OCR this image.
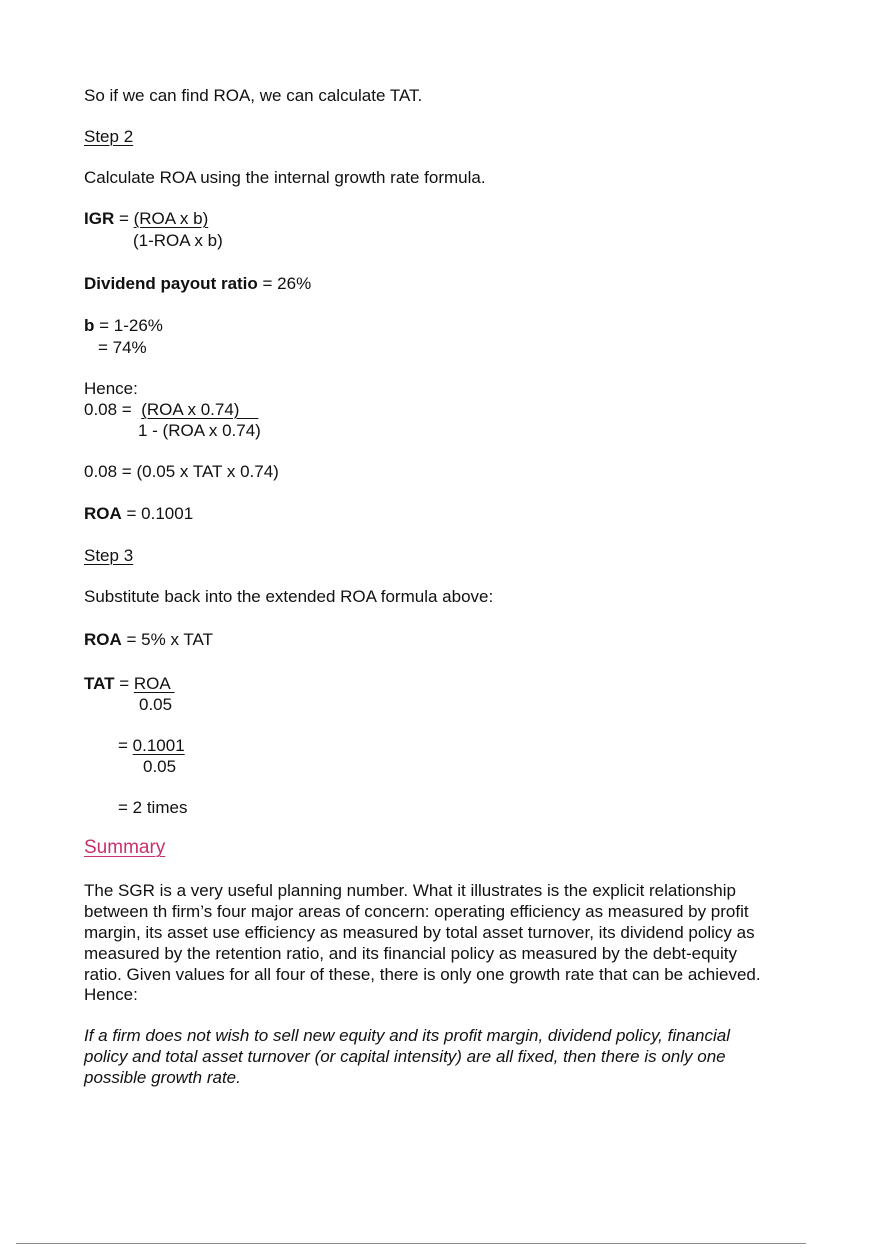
So if we can find ROA, we can calculate TAT.
Step 2
Calculate ROA using the internal growth rate formula.
IGR = (ROA x b)
(1-ROA x b)
Dividend payout ratio = 26%
b = 1-26%
= 74%
Hence:
0.08 =  (ROA x 0.74)
1 - (ROA x 0.74)
0.08 = (0.05 x TAT x 0.74)
ROA = 0.1001
Step 3
Substitute back into the extended ROA formula above:
ROA = 5% x TAT
TAT = ROA
0.05
= 0.1001
0.05
= 2 times
Summary
The SGR is a very useful planning number. What it illustrates is the explicit relationship
between th firm’s four major areas of concern: operating efficiency as measured by profit
margin, its asset use efficiency as measured by total asset turnover, its dividend policy as
measured by the retention ratio, and its financial policy as measured by the debt-equity
ratio. Given values for all four of these, there is only one growth rate that can be achieved.
Hence:
If a firm does not wish to sell new equity and its profit margin, dividend policy, financial
policy and total asset turnover (or capital intensity) are all fixed, then there is only one
possible growth rate.
